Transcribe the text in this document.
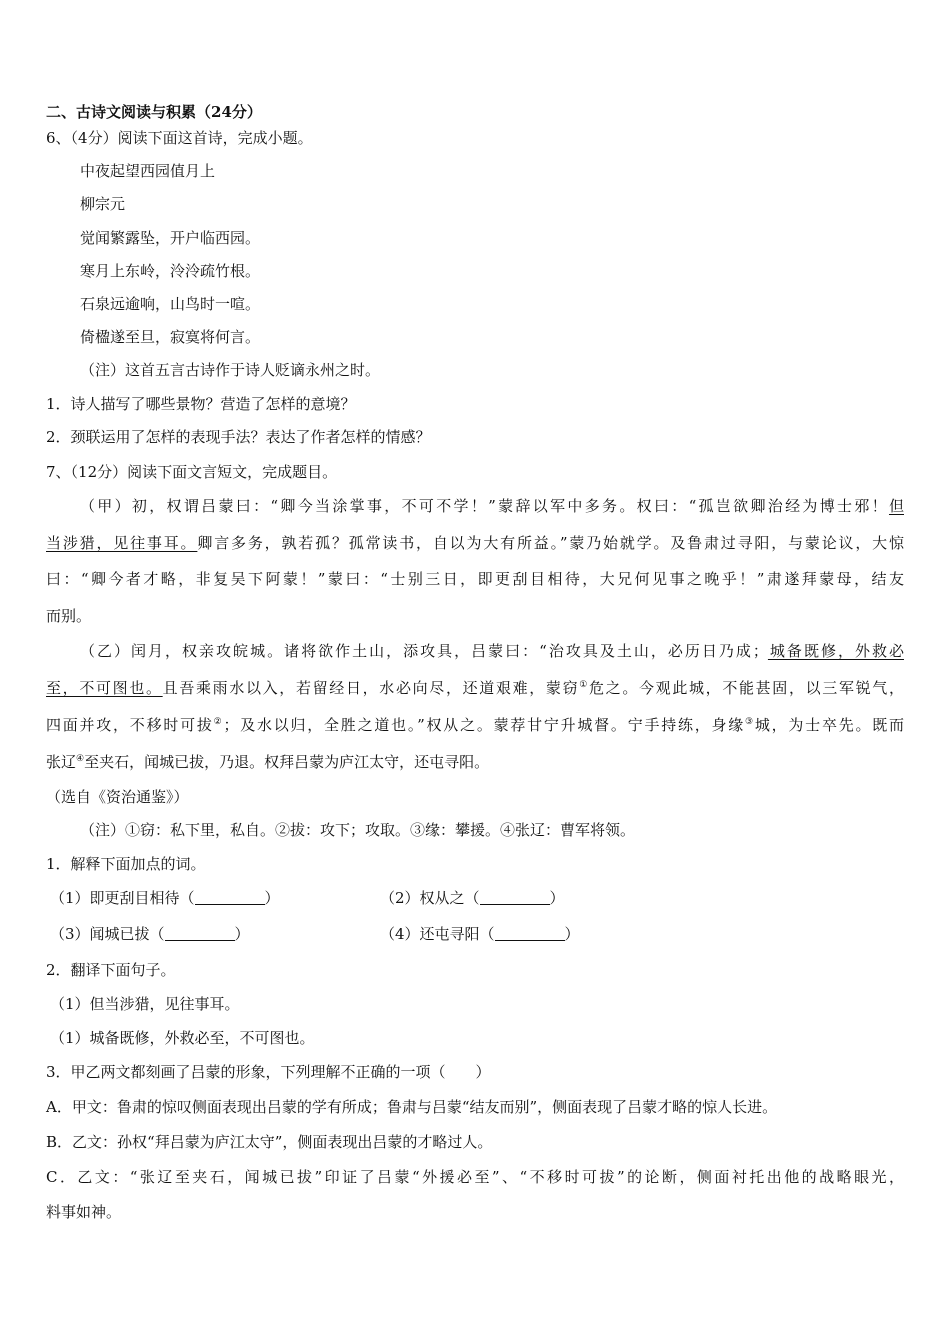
二、古诗文阅读与积累（24分）
6、（4分）阅读下面这首诗，完成小题。
中夜起望西园值月上
柳宗元
觉闻繁露坠，开户临西园。
寒月上东岭，泠泠疏竹根。
石泉远逾响，山鸟时一喧。
倚楹遂至旦，寂寞将何言。
（注）这首五言古诗作于诗人贬谪永州之时。
1．诗人描写了哪些景物？营造了怎样的意境？
2．颈联运用了怎样的表现手法？表达了作者怎样的情感？
7、（12分）阅读下面文言短文，完成题目。
（甲）初，权谓吕蒙曰：“卿今当涂掌事，不可不学！”蒙辞以军中多务。权曰：“孤岂欲卿治经为博士邪！但
当涉猎，见往事耳。卿言多务，孰若孤？孤常读书，自以为大有所益。”蒙乃始就学。及鲁肃过寻阳，与蒙论议，大惊
曰：“卿今者才略，非复吴下阿蒙！”蒙曰：“士别三日，即更刮目相待，大兄何见事之晚乎！”肃遂拜蒙母，结友
而别。
（乙）闰月，权亲攻皖城。诸将欲作土山，添攻具，吕蒙曰：“治攻具及土山，必历日乃成；城备既修，外救必
至，不可图也。且吾乘雨水以入，若留经日，水必向尽，还道艰难，蒙窃①危之。今观此城，不能甚固，以三军锐气，
四面并攻，不移时可拔②；及水以归，全胜之道也。”权从之。蒙荐甘宁升城督。宁手持练，身缘③城，为士卒先。既而
张辽④至夹石，闻城已拔，乃退。权拜吕蒙为庐江太守，还屯寻阳。
（选自《资治通鉴》）
（注）①窃：私下里，私自。②拔：攻下；攻取。③缘：攀援。④张辽：曹军将领。
1．解释下面加点的词。
（1）即更刮目相待（	）	（2）权从之（	）
（3）闻城已拔（	）	（4）还屯寻阳（	）
2．翻译下面句子。
（1）但当涉猎，见往事耳。
（1）城备既修，外救必至，不可图也。
3．甲乙两文都刻画了吕蒙的形象，下列理解不正确的一项（　　）
A．甲文：鲁肃的惊叹侧面表现出吕蒙的学有所成；鲁肃与吕蒙“结友而别”，侧面表现了吕蒙才略的惊人长进。
B．乙文：孙权“拜吕蒙为庐江太守”，侧面表现出吕蒙的才略过人。
C．乙文：“张辽至夹石，闻城已拔”印证了吕蒙“外援必至”、“不移时可拔”的论断，侧面衬托出他的战略眼光，
料事如神。
